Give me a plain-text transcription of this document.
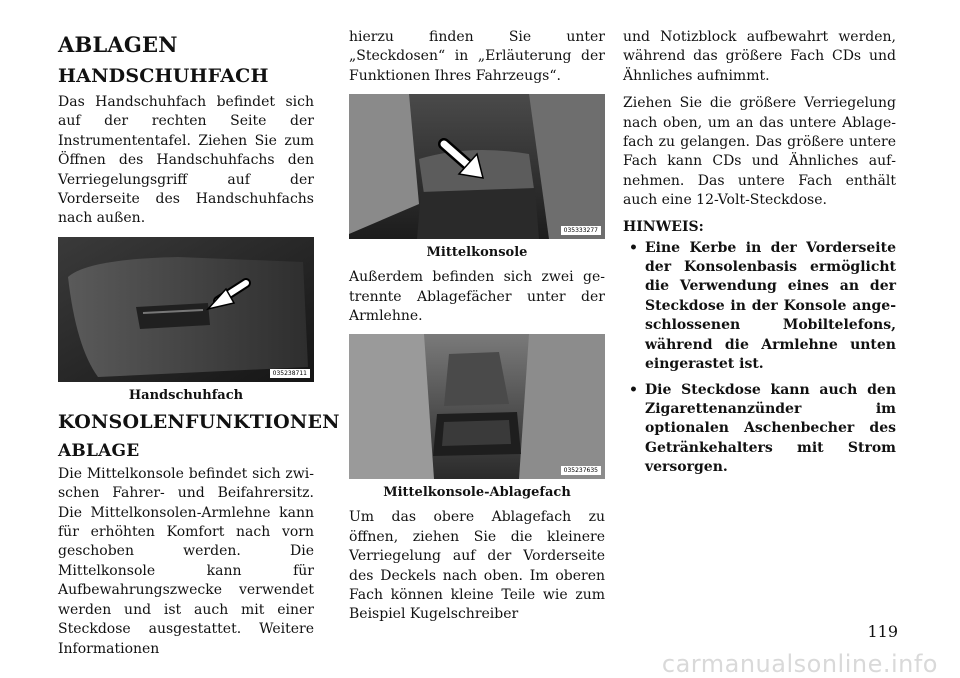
ABLAGEN
HANDSCHUHFACH

Das Handschuhfach befindet sich auf der rechten Seite der Instrumententafel. Ziehen Sie zum Öffnen des Handschuhfachs den Verriegelungsgriff auf der Vorderseite des Handschuhfachs nach außen.

035238711
Handschuhfach
KONSOLENFUNKTIONEN
ABLAGE

Die Mittelkonsole befindet sich zwischen Fahrer- und Beifahrersitz. Die Mittelkonsolen-Armlehne kann für erhöhten Komfort nach vorn geschoben werden. Die Mittelkonsole kann für Aufbewahrungszwecke verwendet werden und ist auch mit einer Steckdose ausgestattet. Weitere Informationen

hierzu finden Sie unter „Steckdosen“ in „Erläuterung der Funktionen Ihres Fahrzeugs“.

035333277
Mittelkonsole

Außerdem befinden sich zwei getrennte Ablagefächer unter der Armlehne.

035237635
Mittelkonsole-Ablagefach

Um das obere Ablagefach zu öffnen, ziehen Sie die kleinere Verriegelung auf der Vorderseite des Deckels nach oben. Im oberen Fach können kleine Teile wie zum Beispiel Kugelschreiber

und Notizblock aufbewahrt werden, während das größere Fach CDs und Ähnliches aufnimmt.

Ziehen Sie die größere Verriegelung nach oben, um an das untere Ablagefach zu gelangen. Das größere untere Fach kann CDs und Ähnliches aufnehmen. Das untere Fach enthält auch eine 12-Volt-Steckdose.

HINWEIS:
• Eine Kerbe in der Vorderseite der Konsolenbasis ermöglicht die Verwendung eines an der Steckdose in der Konsole angeschlossenen Mobiltelefons, während die Armlehne unten eingerastet ist.
• Die Steckdose kann auch den Zigarettenanzünder im optionalen Aschenbecher des Getränkehalters mit Strom versorgen.
119
carmanualsonline.info
